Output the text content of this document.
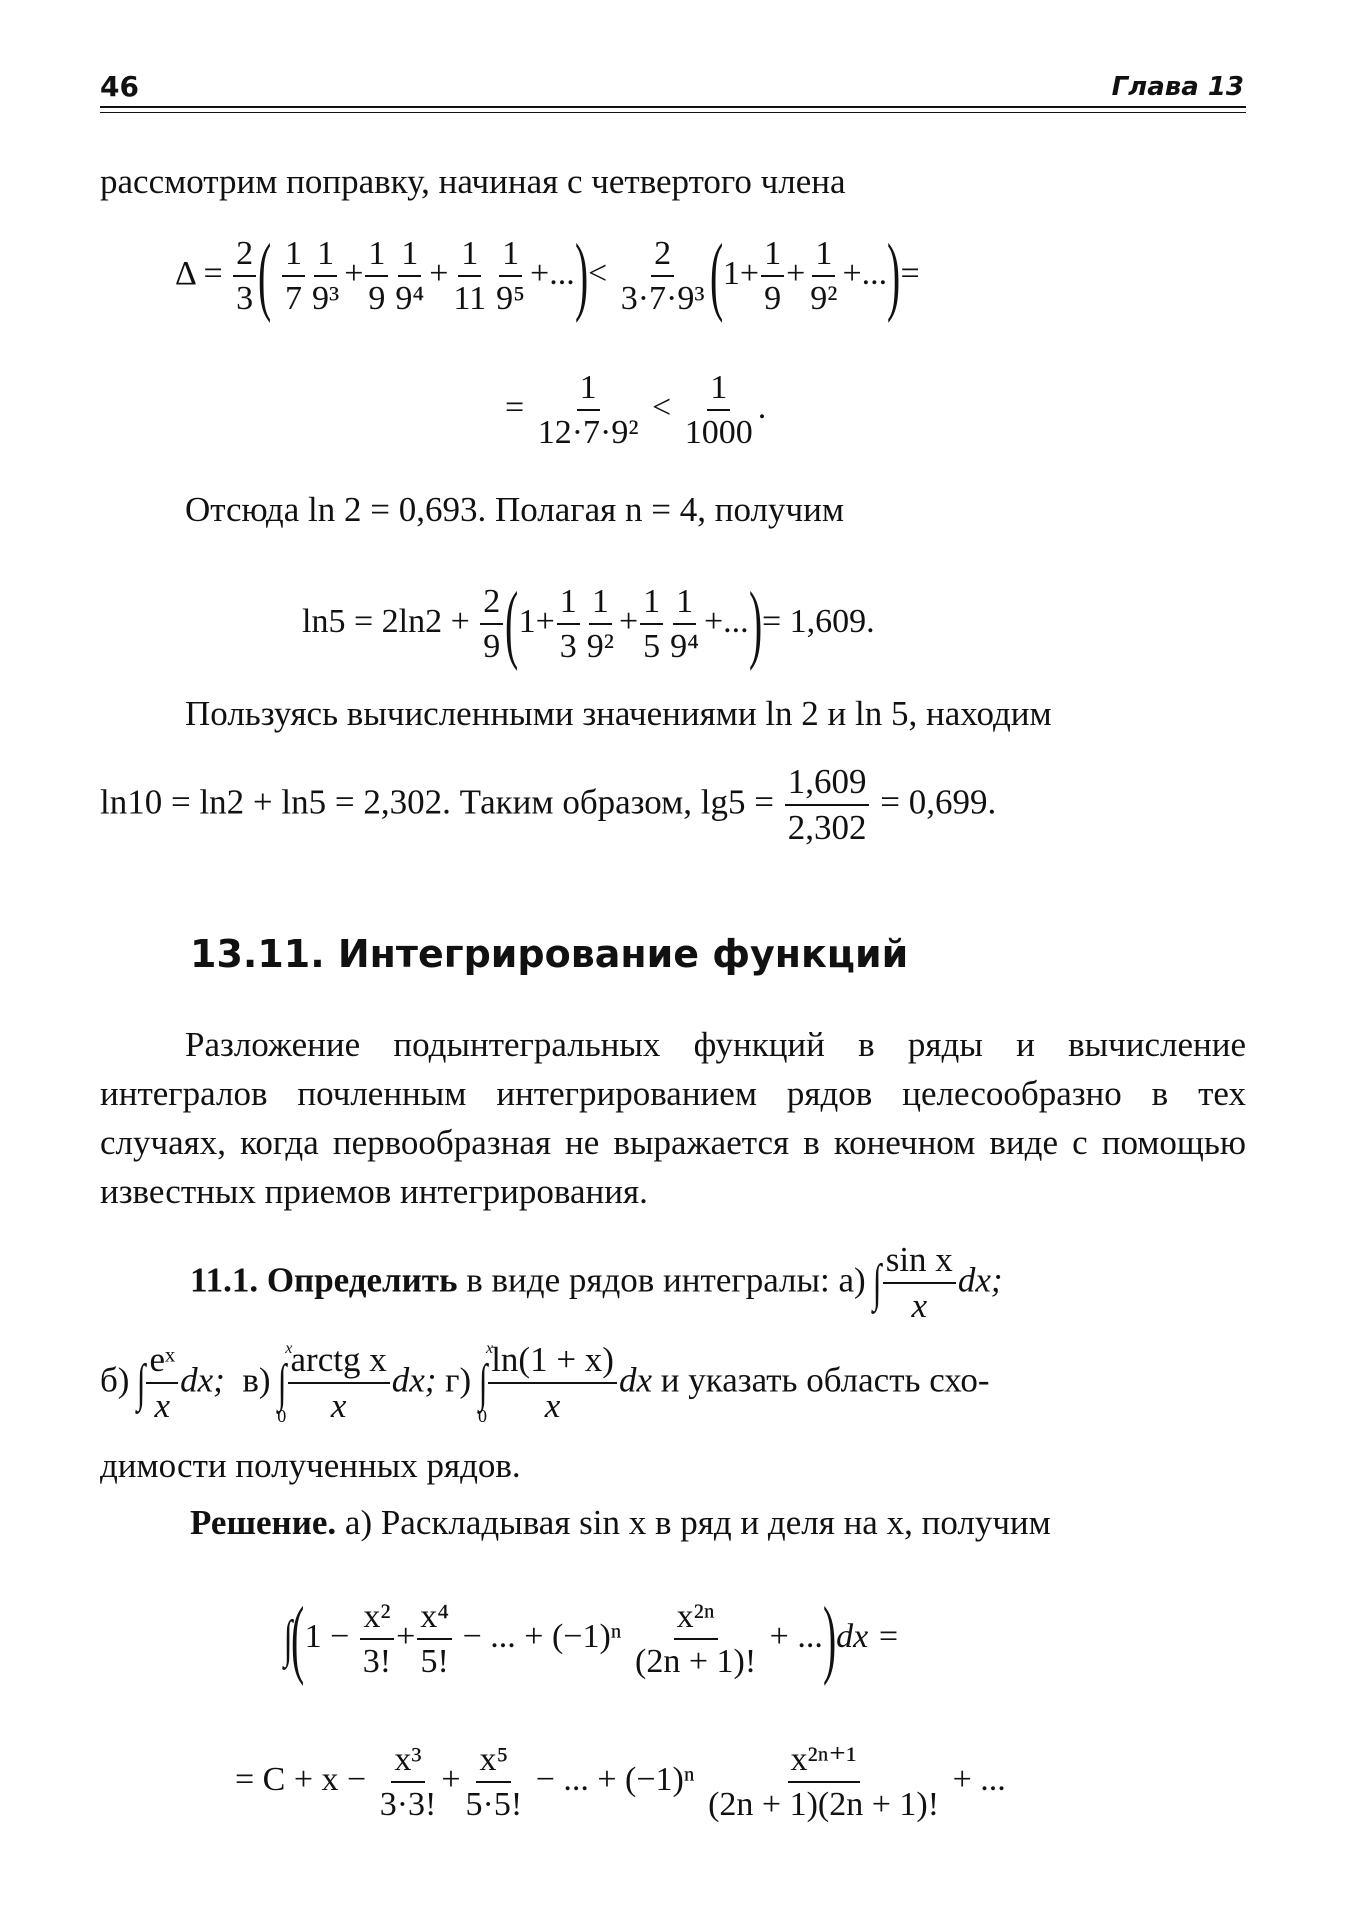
46	Глава 13
рассмотрим поправку, начиная с четвертого члена
$\Delta = \frac{2}{3}$ ( $\frac{1}{7} \frac{1}{\text{9³}} + \frac{1}{9} \frac{1}{\text{9⁴}} + \frac{1}{11} \frac{1}{\text{9⁵}}$ +...)< $\frac{2}{\text{3·7·9³}} (1+ \frac{1}{9} + \frac{1}{\text{9²}}$ +...)=
= $\frac{1}{\text{12·7·9²}} < \frac{1}{1000}$ .
Отсюда ln 2 = 0,693. Полагая n = 4, получим
$\ln 5 = 2\ln 2 + \frac{2}{9} (1+ \frac{1}{3} \frac{1}{\text{9²}} + \frac{1}{5} \frac{1}{\text{9⁴}}$ +...)= 1,609.
Пользуясь вычисленными значениями ln 2 и ln 5, находим
ln10 = ln2 + ln5 = 2,302. Таким образом, $\lg 5 = \frac{1,609}{2,302} = 0,699$.
13.11. Интегрирование функций
Разложение подынтегральных функций в ряды и вычисление интегралов почленным интегрированием рядов целесообразно в тех случаях, когда первообразная не выражается в конечном виде с помощью известных приемов интегрирования.
11.1. Определить в виде рядов интегралы: а) ∫ $\frac{\text{sin x}}{x}$ dx;
б) ∫ $\frac{\text{eˣ}}{x}$ dx; в)
x
∫
$0 \frac{\text{arctg x}}{x}$ dx; г)
x
∫
$0 \frac{\ln(1 + x)}{x}$ dx и указать область схо-
димости полученных рядов.
Решение. а) Раскладывая sin x в ряд и деля на x, получим
$\int(1 - \frac{\text{x²}}{3!} + \frac{\text{x⁴}}{5!}$ − ... + $(-1)^n \frac{\text{x²ⁿ}}{(2n + 1)!} + ...)dx$ =
= $C + x - \frac{\text{x³}}{3\cdot 3!} + \frac{\text{x⁵}}{5\cdot 5!}$ − ... + $(-1)^n \frac{\text{x²ⁿ⁺¹}}{(2n + 1)(2n + 1)!}$ + ...
